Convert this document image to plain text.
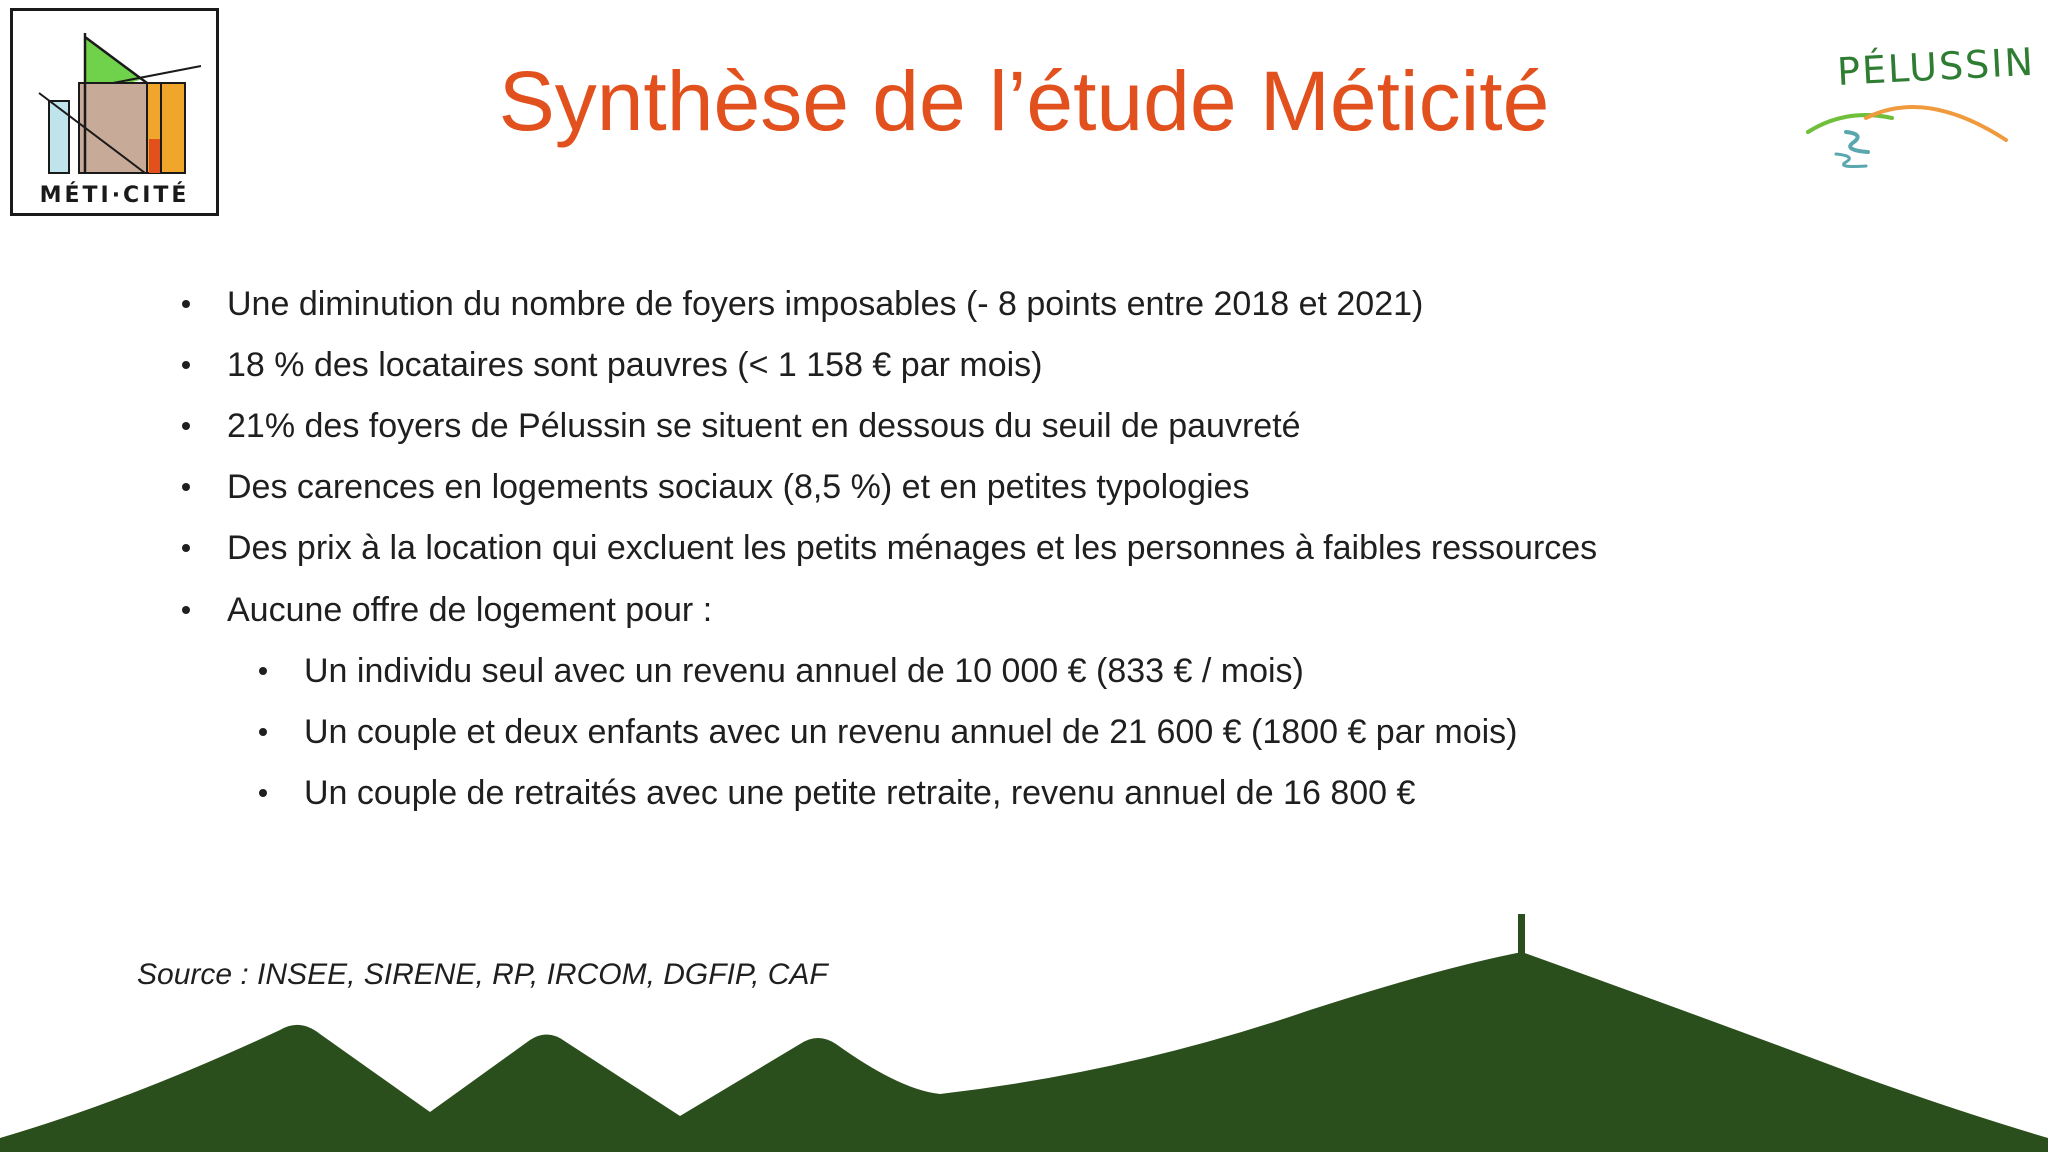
MÉTI·CITÉ
PÉLUSSIN
Synthèse de l’étude Méticité
Une diminution du nombre de foyers imposables (- 8 points entre 2018 et 2021)
18 % des locataires sont pauvres (< 1 158 € par mois)
21% des foyers de Pélussin se situent en dessous du seuil de pauvreté
Des carences en logements sociaux (8,5 %) et en petites typologies
Des prix à la location qui excluent les petits ménages et les personnes à faibles ressources
Aucune offre de logement pour :
Un individu seul avec un revenu annuel de 10 000 € (833 € / mois)
Un couple et deux enfants avec un revenu annuel de 21 600 € (1800 € par mois)
Un couple de retraités avec une petite retraite, revenu annuel de 16 800 €
Source : INSEE, SIRENE, RP, IRCOM, DGFIP, CAF
